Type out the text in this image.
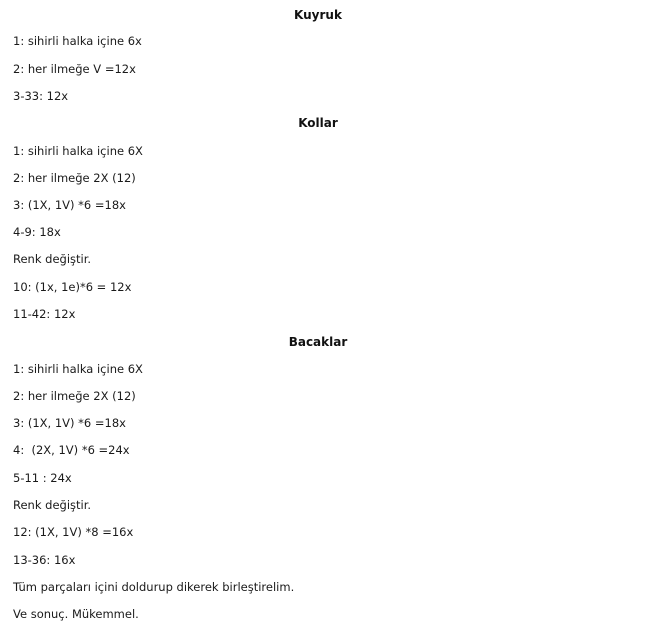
Kuyruk
1: sihirli halka içine 6x
2: her ilmeğe V =12x
3-33: 12x
Kollar
1: sihirli halka içine 6X
2: her ilmeğe 2X (12)
3: (1X, 1V) *6 =18x
4-9: 18x
Renk değiştir.
10: (1x, 1e)*6 = 12x
11-42: 12x
Bacaklar
1: sihirli halka içine 6X
2: her ilmeğe 2X (12)
3: (1X, 1V) *6 =18x
4:  (2X, 1V) *6 =24x
5-11 : 24x
Renk değiştir.
12: (1X, 1V) *8 =16x
13-36: 16x
Tüm parçaları içini doldurup dikerek birleştirelim.
Ve sonuç. Mükemmel.
